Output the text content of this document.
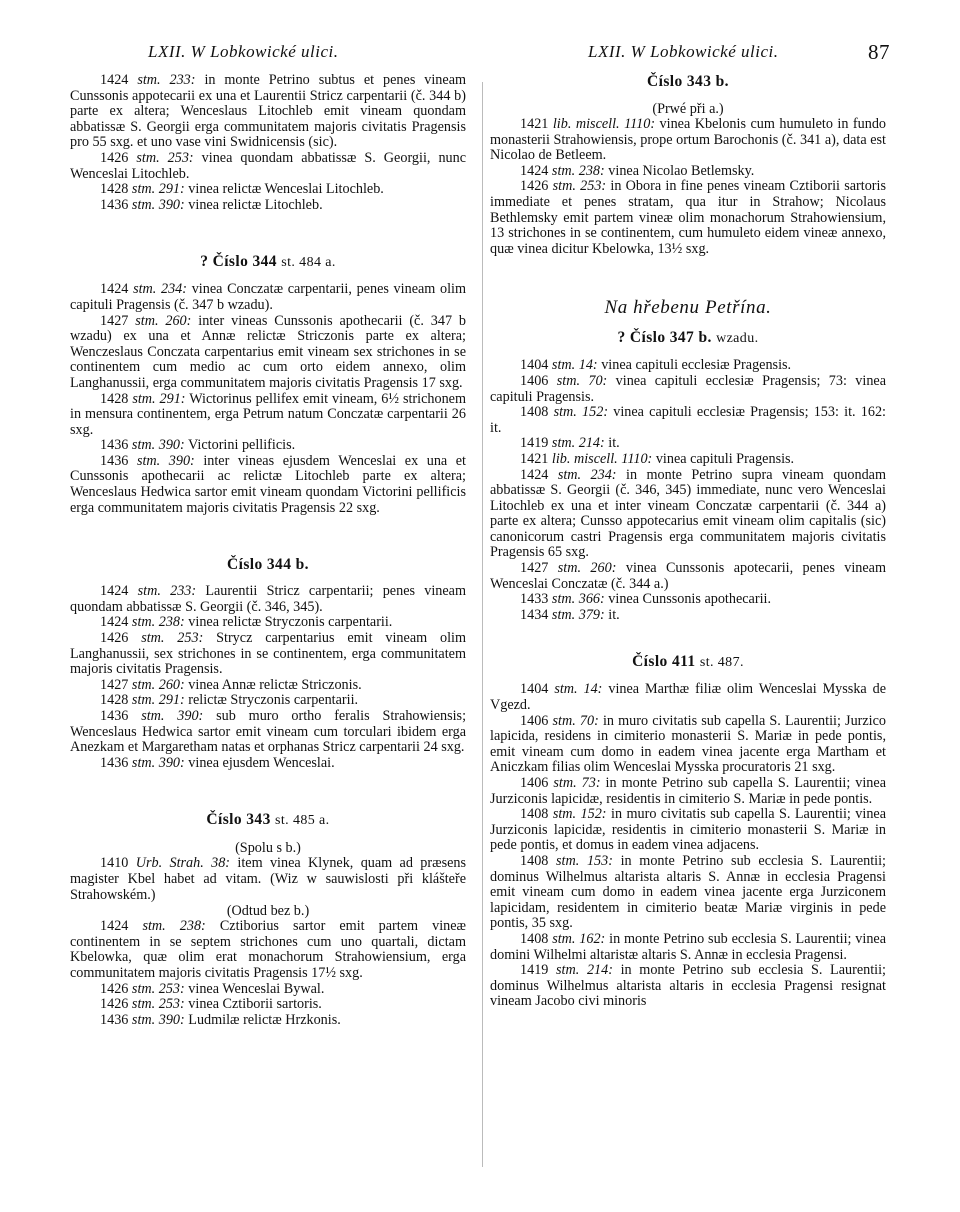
LXII. W Lobkowické ulici.	LXII. W Lobkowické ulici.	87

1424 stm. 233: in monte Petrino subtus et penes vineam Cunssonis appotecarii ex una et Laurentii Stricz carpentarii (č. 344 b) parte ex altera; Wenceslaus Litochleb emit vineam quondam abbatissæ S. Georgii erga communitatem majoris civitatis Pragensis pro 55 sxg. et uno vase vini Swidnicensis (sic).

1426 stm. 253: vinea quondam abbatissæ S. Georgii, nunc Wenceslai Litochleb.

1428 stm. 291: vinea relictæ Wenceslai Litochleb.

1436 stm. 390: vinea relictæ Litochleb.

? Číslo 344 st. 484 a.

1424 stm. 234: vinea Conczatæ carpentarii, penes vineam olim capituli Pragensis (č. 347 b wzadu).

1427 stm. 260: inter vineas Cunssonis apothecarii (č. 347 b wzadu) ex una et Annæ relictæ Striczonis parte ex altera; Wenczeslaus Conczata carpentarius emit vineam sex strichones in se continentem cum medio ac cum orto eidem annexo, olim Langhanussii, erga communitatem majoris civitatis Pragensis 17 sxg.

1428 stm. 291: Wictorinus pellifex emit vineam, 6½ strichonem in mensura continentem, erga Petrum natum Conczatæ carpentarii 26 sxg.

1436 stm. 390: Victorini pellificis.

1436 stm. 390: inter vineas ejusdem Wenceslai ex una et Cunssonis apothecarii ac relictæ Litochleb parte ex altera; Wenceslaus Hedwica sartor emit vineam quondam Victorini pellificis erga communitatem majoris civitatis Pragensis 22 sxg.

Číslo 344 b.

1424 stm. 233: Laurentii Stricz carpentarii; penes vineam quondam abbatissæ S. Georgii (č. 346, 345).

1424 stm. 238: vinea relictæ Stryczonis carpentarii.

1426 stm. 253: Strycz carpentarius emit vineam olim Langhanussii, sex strichones in se continentem, erga communitatem majoris civitatis Pragensis.

1427 stm. 260: vinea Annæ relictæ Striczonis.

1428 stm. 291: relictæ Stryczonis carpentarii.

1436 stm. 390: sub muro ortho feralis Strahowiensis; Wenceslaus Hedwica sartor emit vineam cum torculari ibidem erga Anezkam et Margaretham natas et orphanas Stricz carpentarii 24 sxg.

1436 stm. 390: vinea ejusdem Wenceslai.

Číslo 343 st. 485 a.
(Spolu s b.)

1410 Urb. Strah. 38: item vinea Klynek, quam ad præsens magister Kbel habet ad vitam. (Wiz w sauwislosti při klášteře Strahowském.)

(Odtud bez b.)

1424 stm. 238: Cztiborius sartor emit partem vineæ continentem in se septem strichones cum uno quartali, dictam Kbelowka, quæ olim erat monachorum Strahowiensium, erga communitatem majoris civitatis Pragensis 17½ sxg.

1426 stm. 253: vinea Wenceslai Bywal.

1426 stm. 253: vinea Cztiborii sartoris.

1436 stm. 390: Ludmilæ relictæ Hrzkonis.

Číslo 343 b.
(Prwé při a.)

1421 lib. miscell. 1110: vinea Kbelonis cum humuleto in fundo monasterii Strahowiensis, prope ortum Barochonis (č. 341 a), data est Nicolao de Betleem.

1424 stm. 238: vinea Nicolao Betlemsky.

1426 stm. 253: in Obora in fine penes vineam Cztiborii sartoris immediate et penes stratam, qua itur in Strahow; Nicolaus Bethlemsky emit partem vineæ olim monachorum Strahowiensium, 13 strichones in se continentem, cum humuleto eidem vineæ annexo, quæ vinea dicitur Kbelowka, 13½ sxg.

Na hřebenu Petřína.
? Číslo 347 b. wzadu.

1404 stm. 14: vinea capituli ecclesiæ Pragensis.

1406 stm. 70: vinea capituli ecclesiæ Pragensis; 73: vinea capituli Pragensis.

1408 stm. 152: vinea capituli ecclesiæ Pragensis; 153: it. 162: it.

1419 stm. 214: it.

1421 lib. miscell. 1110: vinea capituli Pragensis.

1424 stm. 234: in monte Petrino supra vineam quondam abbatissæ S. Georgii (č. 346, 345) immediate, nunc vero Wenceslai Litochleb ex una et inter vineam Conczatæ carpentarii (č. 344 a) parte ex altera; Cunsso appotecarius emit vineam olim capitalis (sic) canonicorum castri Pragensis erga communitatem majoris civitatis Pragensis 65 sxg.

1427 stm. 260: vinea Cunssonis apotecarii, penes vineam Wenceslai Conczatæ (č. 344 a.)

1433 stm. 366: vinea Cunssonis apothecarii.

1434 stm. 379: it.

Číslo 411 st. 487.

1404 stm. 14: vinea Marthæ filiæ olim Wenceslai Mysska de Vgezd.

1406 stm. 70: in muro civitatis sub capella S. Laurentii; Jurzico lapicida, residens in cimiterio monasterii S. Mariæ in pede pontis, emit vineam cum domo in eadem vinea jacente erga Martham et Aniczkam filias olim Wenceslai Mysska procuratoris 21 sxg.

1406 stm. 73: in monte Petrino sub capella S. Laurentii; vinea Jurziconis lapicidæ, residentis in cimiterio S. Mariæ in pede pontis.

1408 stm. 152: in muro civitatis sub capella S. Laurentii; vinea Jurziconis lapicidæ, residentis in cimiterio monasterii S. Mariæ in pede pontis, et domus in eadem vinea adjacens.

1408 stm. 153: in monte Petrino sub ecclesia S. Laurentii; dominus Wilhelmus altarista altaris S. Annæ in ecclesia Pragensi emit vineam cum domo in eadem vinea jacente erga Jurziconem lapicidam, residentem in cimiterio beatæ Mariæ virginis in pede pontis, 35 sxg.

1408 stm. 162: in monte Petrino sub ecclesia S. Laurentii; vinea domini Wilhelmi altaristæ altaris S. Annæ in ecclesia Pragensi.

1419 stm. 214: in monte Petrino sub ecclesia S. Laurentii; dominus Wilhelmus altarista altaris in ecclesia Pragensi resignat vineam Jacobo civi minoris
